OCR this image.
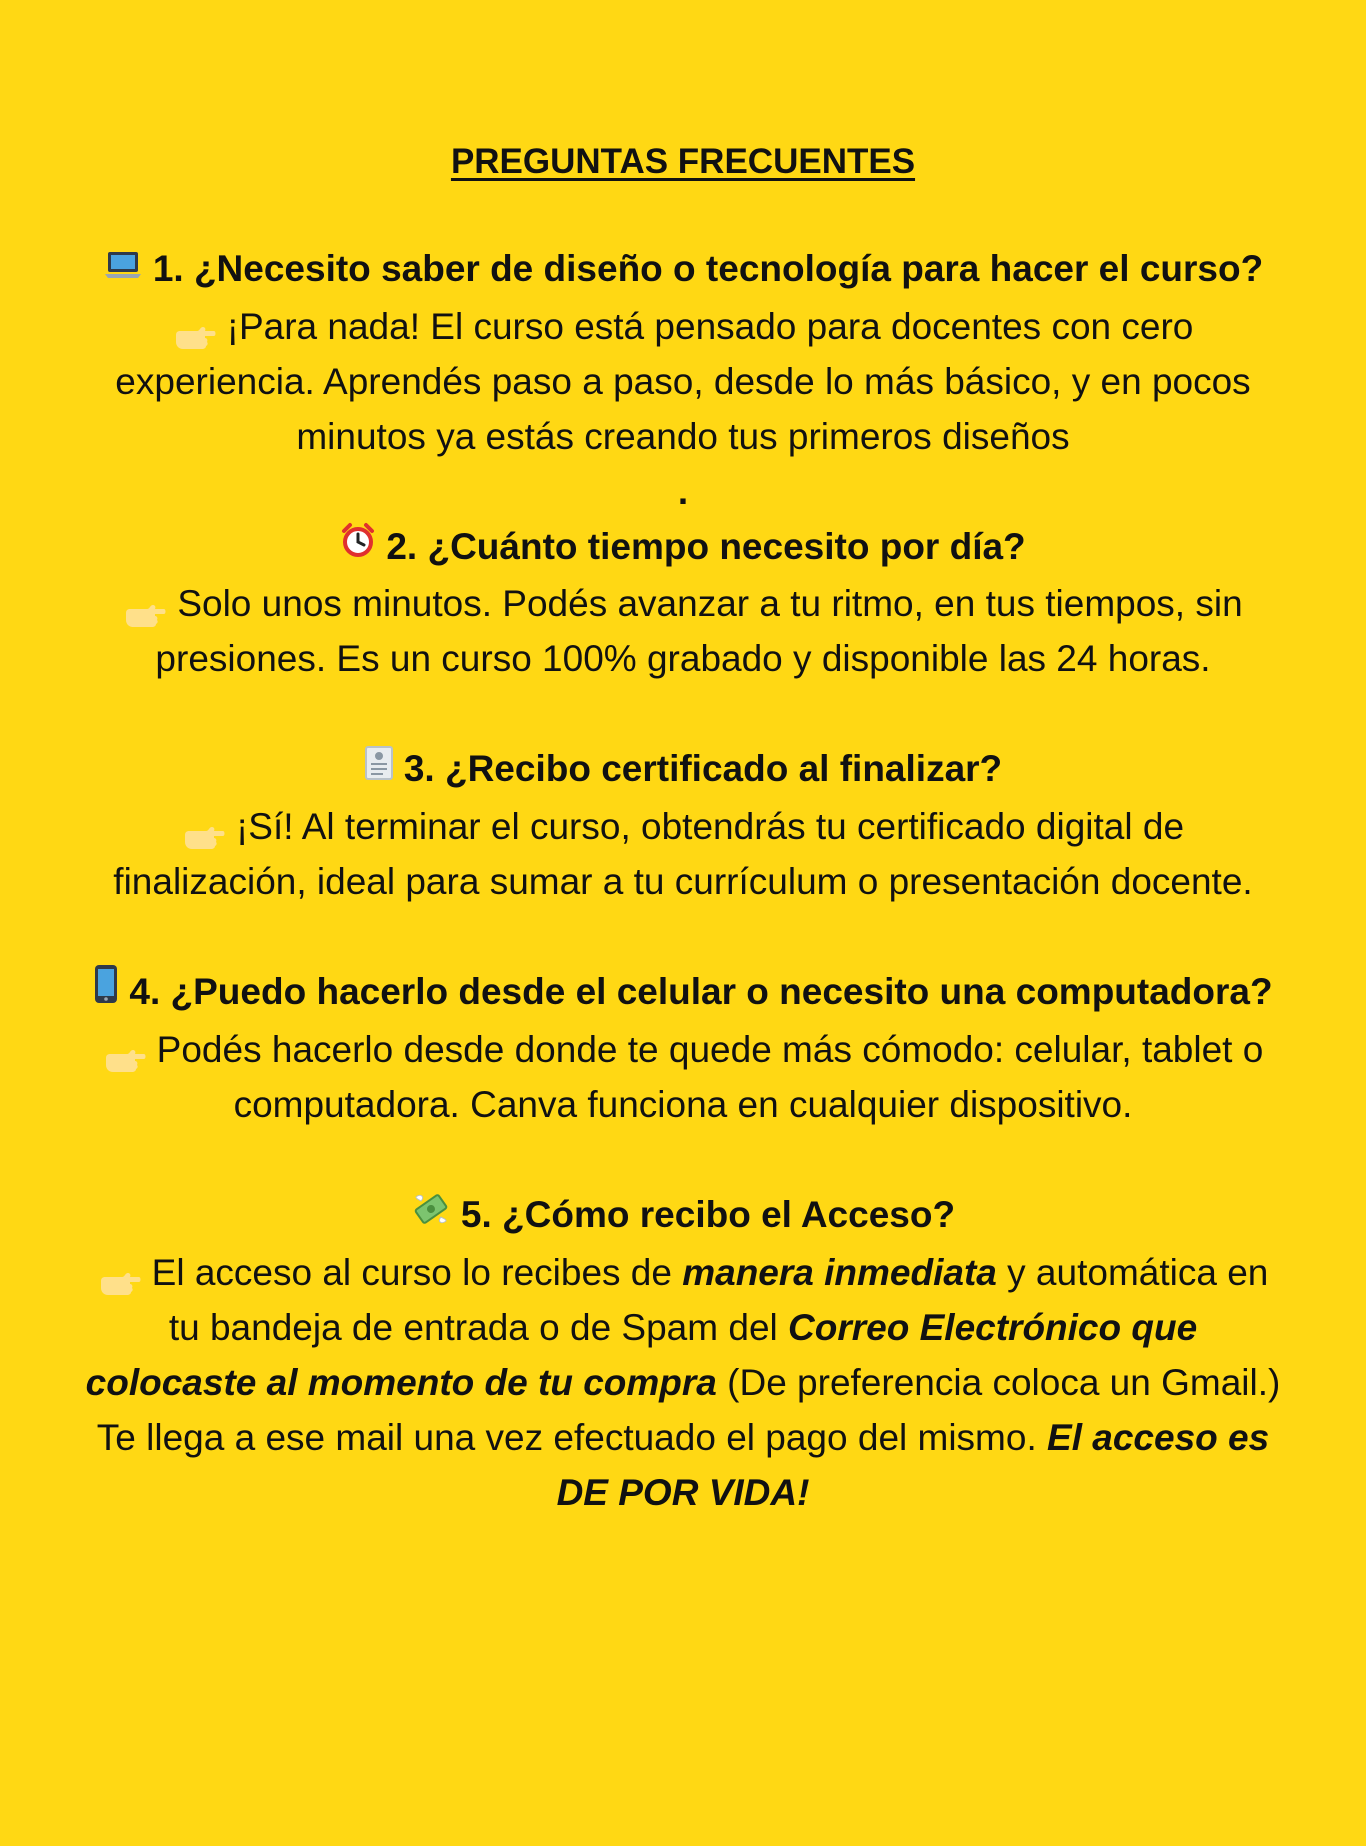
PREGUNTAS FRECUENTES

1. ¿Necesito saber de diseño o tecnología para hacer el curso?

¡Para nada! El curso está pensado para docentes con cero experiencia. Aprendés paso a paso, desde lo más básico, y en pocos minutos ya estás creando tus primeros diseños

.

2. ¿Cuánto tiempo necesito por día?

Solo unos minutos. Podés avanzar a tu ritmo, en tus tiempos, sin presiones. Es un curso 100% grabado y disponible las 24 horas.

3. ¿Recibo certificado al finalizar?

¡Sí! Al terminar el curso, obtendrás tu certificado digital de finalización, ideal para sumar a tu currículum o presentación docente.

4. ¿Puedo hacerlo desde el celular o necesito una computadora?

Podés hacerlo desde donde te quede más cómodo: celular, tablet o computadora. Canva funciona en cualquier dispositivo.

5. ¿Cómo recibo el Acceso?

El acceso al curso lo recibes de manera inmediata y automática en tu bandeja de entrada o de Spam del Correo Electrónico que colocaste al momento de tu compra (De preferencia coloca un Gmail.) Te llega a ese mail una vez efectuado el pago del mismo. El acceso es DE POR VIDA!
